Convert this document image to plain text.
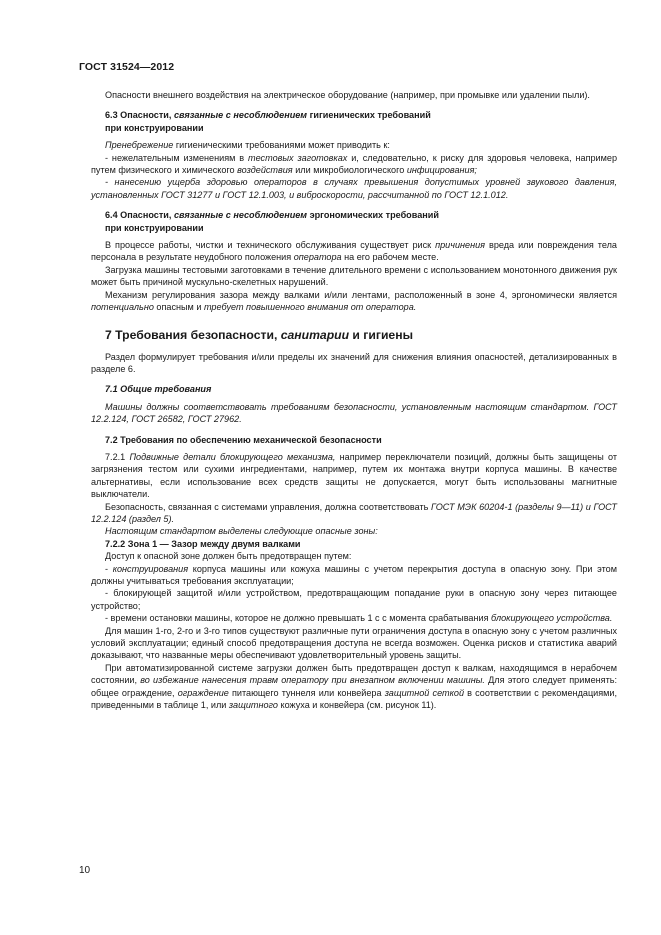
ГОСТ 31524—2012

Опасности внешнего воздействия на электрическое оборудование (например, при промывке или удалении пыли).

6.3 Опасности, связанные с несоблюдением гигиенических требований
при конструировании

Пренебрежение гигиеническими требованиями может приводить к:

- нежелательным изменениям в тестовых заготовках и, следовательно, к риску для здоровья человека, например путем физического и химического воздействия или микробиологического инфицирования;

- нанесению ущерба здоровью операторов в случаях превышения допустимых уровней звукового давления, установленных ГОСТ 31277 и ГОСТ 12.1.003, и виброскорости, рассчитанной по ГОСТ 12.1.012.

6.4 Опасности, связанные с несоблюдением эргономических требований
при конструировании

В процессе работы, чистки и технического обслуживания существует риск причинения вреда или повреждения тела персонала в результате неудобного положения оператора на его рабочем месте.

Загрузка машины тестовыми заготовками в течение длительного времени с использованием монотонного движения рук может быть причиной мускульно-скелетных нарушений.

Механизм регулирования зазора между валками и/или лентами, расположенный в зоне 4, эргономически является потенциально опасным и требует повышенного внимания от оператора.

7 Требования безопасности, санитарии и гигиены

Раздел формулирует требования и/или пределы их значений для снижения влияния опасностей, детализированных в разделе 6.

7.1 Общие требования

Машины должны соответствовать требованиям безопасности, установленным настоящим стандартом. ГОСТ 12.2.124, ГОСТ 26582, ГОСТ 27962.

7.2 Требования по обеспечению механической безопасности

7.2.1 Подвижные детали блокирующего механизма, например переключатели позиций, должны быть защищены от загрязнения тестом или сухими ингредиентами, например, путем их монтажа внутри корпуса машины. В качестве альтернативы, если использование всех средств защиты не допускается, могут быть использованы магнитные выключатели.

Безопасность, связанная с системами управления, должна соответствовать ГОСТ МЭК 60204-1 (разделы 9—11) и ГОСТ 12.2.124 (раздел 5).

Настоящим стандартом выделены следующие опасные зоны:

7.2.2 Зона 1 — Зазор между двумя валками

Доступ к опасной зоне должен быть предотвращен путем:

- конструирования корпуса машины или кожуха машины с учетом перекрытия доступа в опасную зону. При этом должны учитываться требования эксплуатации;

- блокирующей защитой и/или устройством, предотвращающим попадание руки в опасную зону через питающее устройство;

- времени остановки машины, которое не должно превышать 1 с с момента срабатывания блокирующего устройства.

Для машин 1-го, 2-го и 3-го типов существуют различные пути ограничения доступа в опасную зону с учетом различных условий эксплуатации; единый способ предотвращения доступа не всегда возможен. Оценка рисков и статистика аварий доказывают, что названные меры обеспечивают удовлетворительный уровень защиты.

При автоматизированной системе загрузки должен быть предотвращен доступ к валкам, находящимся в нерабочем состоянии, во избежание нанесения травм оператору при внезапном включении машины. Для этого следует применять: общее ограждение, ограждение питающего туннеля или конвейера защитной сеткой в соответствии с рекомендациями, приведенными в таблице 1, или защитного кожуха и конвейера (см. рисунок 11).

10
